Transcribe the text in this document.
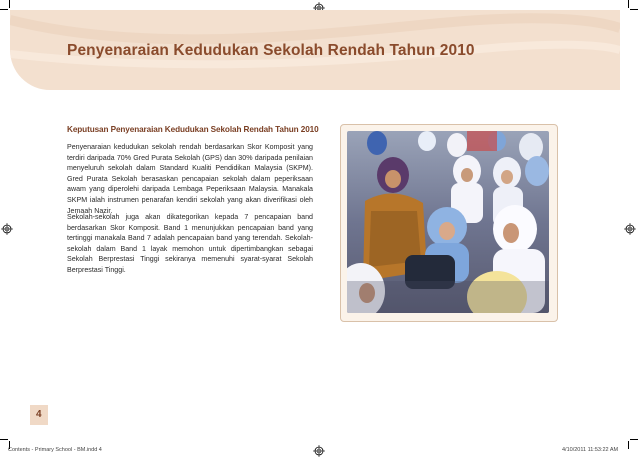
Penyenaraian Kedudukan Sekolah Rendah Tahun 2010
Keputusan Penyenaraian Kedudukan Sekolah Rendah Tahun 2010
Penyenaraian kedudukan sekolah rendah berdasarkan Skor Komposit yang terdiri daripada 70% Gred Purata Sekolah (GPS) dan 30% daripada penilaian menyeluruh sekolah dalam Standard Kualiti Pendidikan Malaysia (SKPM). Gred Purata Sekolah berasaskan pencapaian sekolah dalam peperiksaan awam yang diperolehi daripada Lembaga Peperiksaan Malaysia. Manakala SKPM ialah instrumen penarafan kendiri sekolah yang akan diverifikasi oleh Jemaah Nazir.
Sekolah-sekolah juga akan dikategorikan kepada 7 pencapaian band berdasarkan Skor Komposit. Band 1 menunjukkan pencapaian band yang tertinggi manakala Band 7 adalah pencapaian band yang terendah. Sekolah-sekolah dalam Band 1 layak memohon untuk dipertimbangkan sebagai Sekolah Berprestasi Tinggi sekiranya memenuhi syarat-syarat Sekolah Berprestasi Tinggi.
4
Contents - Primary School - BM.indd 4	4/10/2011 11:53:22 AM
